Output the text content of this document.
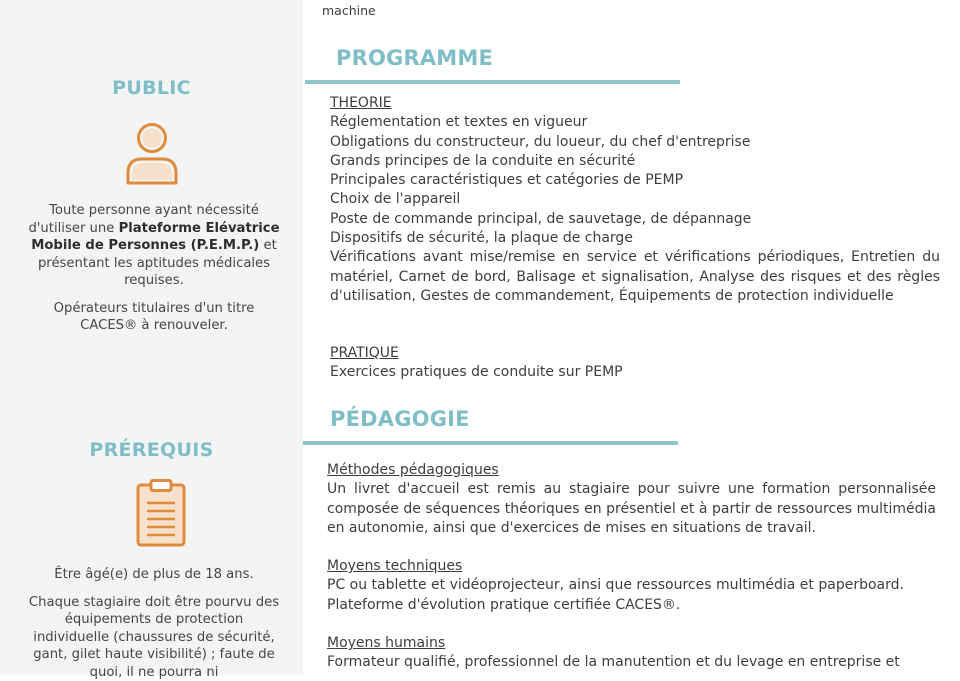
PUBLIC

Toute personne ayant nécessité d'utiliser une Plateforme Elévatrice Mobile de Personnes (P.E.M.P.) et présentant les aptitudes médicales requises.

Opérateurs titulaires d'un titre CACES® à renouveler.

PRÉREQUIS

Être âgé(e) de plus de 18 ans.

Chaque stagiaire doit être pourvu des équipements de protection individuelle (chaussures de sécurité, gant, gilet haute visibilité) ; faute de quoi, il ne pourra ni

machine
PROGRAMME
THEORIE
Réglementation et textes en vigueur
Obligations du constructeur, du loueur, du chef d'entreprise
Grands principes de la conduite en sécurité
Principales caractéristiques et catégories de PEMP
Choix de l'appareil
Poste de commande principal, de sauvetage, de dépannage
Dispositifs de sécurité, la plaque de charge
Vérifications avant mise/remise en service et vérifications périodiques, Entretien du matériel, Carnet de bord, Balisage et signalisation, Analyse des risques et des règles d'utilisation, Gestes de commandement, Équipements de protection individuelle
PRATIQUE
Exercices pratiques de conduite sur PEMP
PÉDAGOGIE
Méthodes pédagogiques
Un livret d'accueil est remis au stagiaire pour suivre une formation personnalisée composée de séquences théoriques en présentiel et à partir de ressources multimédia en autonomie, ainsi que d'exercices de mises en situations de travail.
Moyens techniques
PC ou tablette et vidéoprojecteur, ainsi que ressources multimédia et paperboard. Plateforme d'évolution pratique certifiée CACES®.
Moyens humains
Formateur qualifié, professionnel de la manutention et du levage en entreprise et
